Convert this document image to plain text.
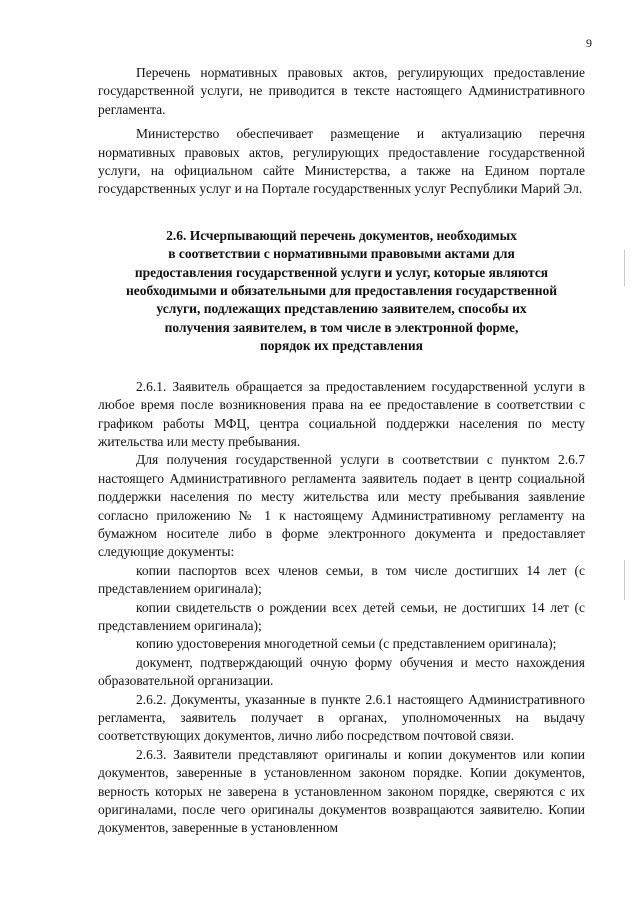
9

Перечень нормативных правовых актов, регулирующих предоставление государственной услуги, не приводится в тексте настоящего Административного регламента.

Министерство обеспечивает размещение и актуализацию перечня нормативных правовых актов, регулирующих предоставление государственной услуги, на официальном сайте Министерства, а также на Едином портале государственных услуг и на Портале государственных услуг Республики Марий Эл.

2.6. Исчерпывающий перечень документов, необходимых
в соответствии с нормативными правовыми актами для
предоставления государственной услуги и услуг, которые являются
необходимыми и обязательными для предоставления государственной
услуги, подлежащих представлению заявителем, способы их
получения заявителем, в том числе в электронной форме,
порядок их представления

2.6.1. Заявитель обращается за предоставлением государственной услуги в любое время после возникновения права на ее предоставление в соответствии с графиком работы МФЦ, центра социальной поддержки населения по месту жительства или месту пребывания.

Для получения государственной услуги в соответствии с пунктом 2.6.7 настоящего Административного регламента заявитель подает в центр социальной поддержки населения по месту жительства или месту пребывания заявление согласно приложению № 1 к настоящему Административному регламенту на бумажном носителе либо в форме электронного документа и предоставляет следующие документы:

копии паспортов всех членов семьи, в том числе достигших 14 лет (с представлением оригинала);

копии свидетельств о рождении всех детей семьи, не достигших 14 лет (с представлением оригинала);

копию удостоверения многодетной семьи (с представлением оригинала);

документ, подтверждающий очную форму обучения и место нахождения образовательной организации.

2.6.2. Документы, указанные в пункте 2.6.1 настоящего Административного регламента, заявитель получает в органах, уполномоченных на выдачу соответствующих документов, лично либо посредством почтовой связи.

2.6.3. Заявители представляют оригиналы и копии документов или копии документов, заверенные в установленном законом порядке. Копии документов, верность которых не заверена в установленном законом порядке, сверяются с их оригиналами, после чего оригиналы документов возвращаются заявителю. Копии документов, заверенные в установленном
